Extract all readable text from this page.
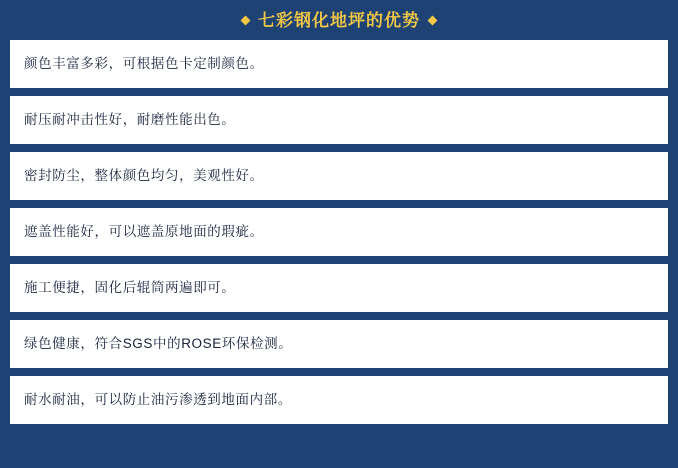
七彩钢化地坪的优势
颜色丰富多彩，可根据色卡定制颜色。
耐压耐冲击性好，耐磨性能出色。
密封防尘，整体颜色均匀，美观性好。
遮盖性能好，可以遮盖原地面的瑕疵。
施工便捷，固化后辊筒两遍即可。
绿色健康，符合SGS中的ROSE环保检测。
耐水耐油，可以防止油污渗透到地面内部。
